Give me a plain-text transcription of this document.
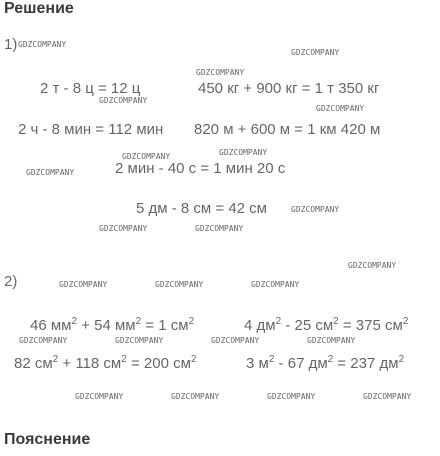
Решение
Пояснение
1)
2 т - 8 ц = 12 ц	450 кг + 900 кг = 1 т 350 кг
2 ч - 8 мин = 112 мин 820 м + 600 м = 1 км 420 м
2 мин - 40 с = 1 мин 20 с
5 дм - 8 см = 42 см
2)
46 $мм^2 + 54$ $мм^2 = 1$ $см^2$	4 $дм^2 - 25$ $см^2 = 375$ $см^2$
82 $см^2 + 118$ $см^2 = 200$ $см^2$	3 $м^2 - 67$ $дм^2 = 237$ $дм^2$
GDZCOMPANY
GDZCOMPANY
GDZCOMPANY
GDZCOMPANY
GDZCOMPANY
GDZCOMPANY	GDZCOMPANY
GDZCOMPANY
GDZCOMPANY
GDZCOMPANY	GDZCOMPANY
GDZCOMPANY
GDZCOMPANY	GDZCOMPANY	GDZCOMPANY
GDZCOMPANY	GDZCOMPANY	GDZCOMPANY	GDZCOMPANY
GDZCOMPANY	GDZCOMPANY	GDZCOMPANY	GDZCOMPANY
